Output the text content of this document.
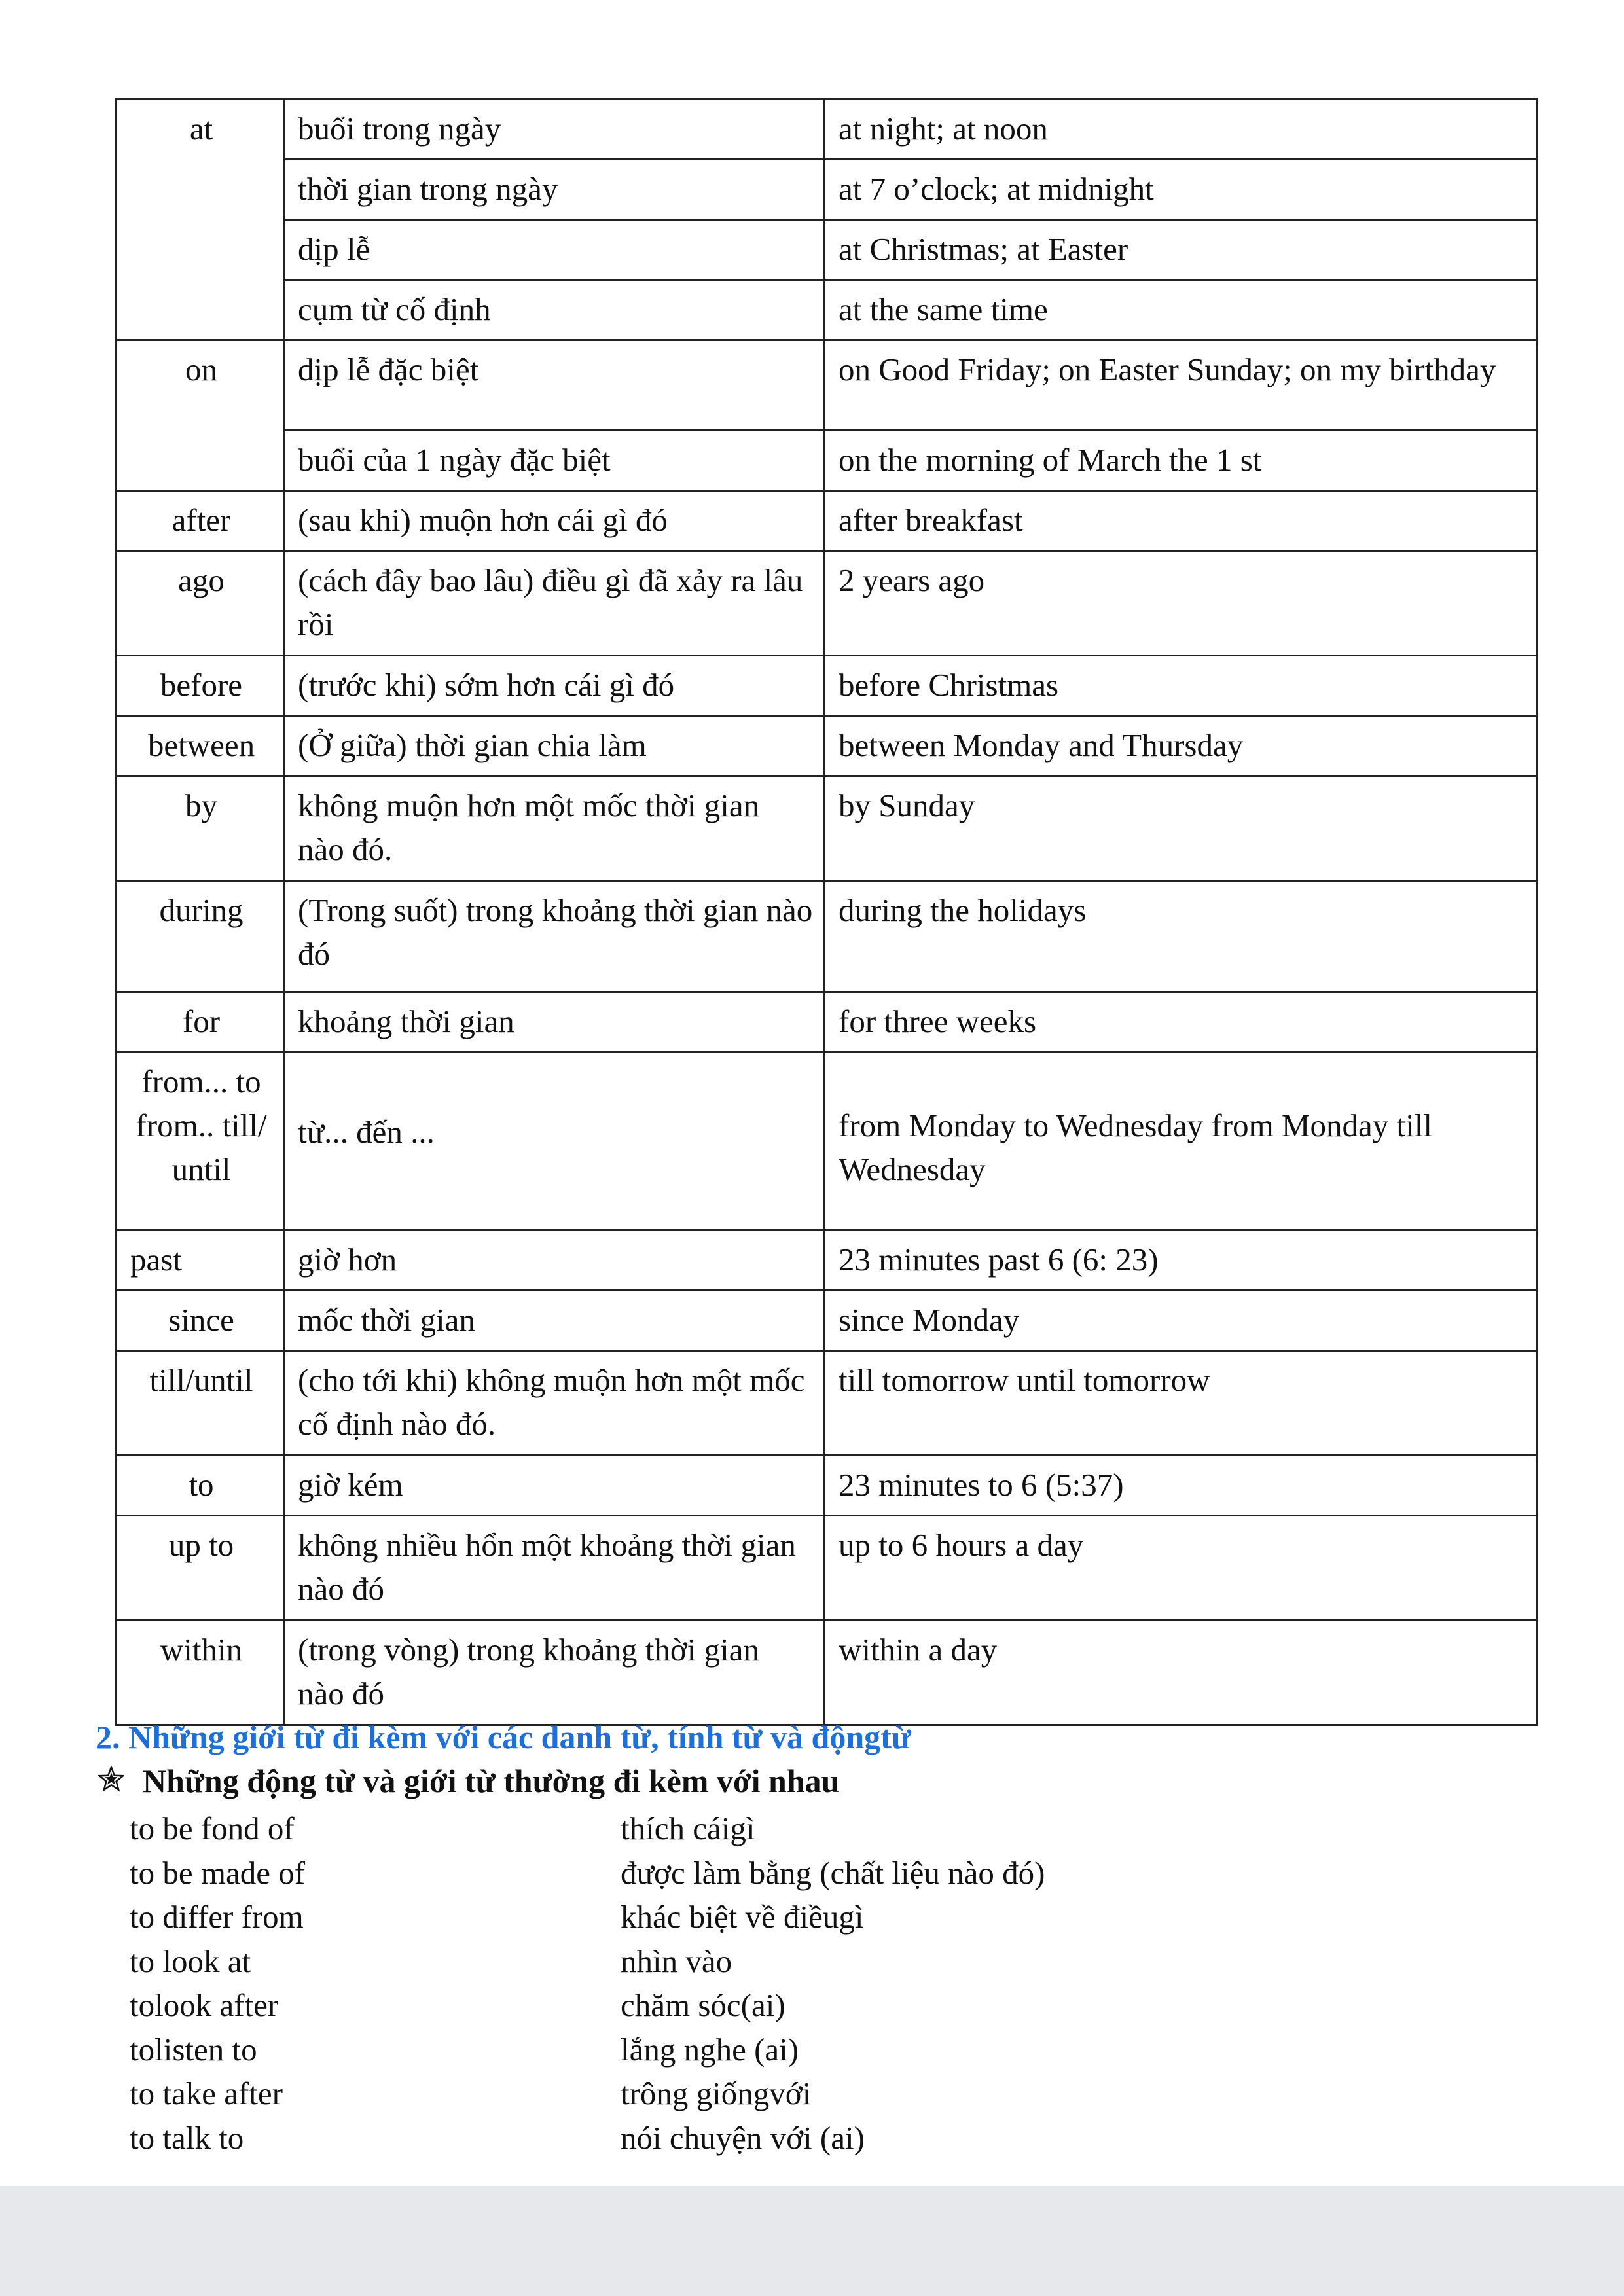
at	buổi trong ngày	at night; at noon
	thời gian trong ngày	at 7 o’clock; at midnight
	dịp lễ	at Christmas; at Easter
	cụm từ cố định	at the same time
on	dịp lễ đặc biệt	on Good Friday; on Easter Sunday; on my birthday
	buổi của 1 ngày đặc biệt	on the morning of March the 1 st
after	(sau khi) muộn hơn cái gì đó	after breakfast
ago	(cách đây bao lâu) điều gì đã xảy ra lâu rồi	2 years ago
before	(trước khi) sớm hơn cái gì đó	before Christmas
between	(Ở giữa) thời gian chia làm	between Monday and Thursday
by	không muộn hơn một mốc thời gian nào đó.	by Sunday
during	(Trong suốt) trong khoảng thời gian nào đó	during the holidays
for	khoảng thời gian	for three weeks
from... to from.. till/ until	từ... đến ...	from Monday to Wednesday from Monday till Wednesday

past	giờ hơn	23 minutes past 6 (6: 23)
since	mốc thời gian	since Monday
till/until	(cho tới khi) không muộn hơn một mốc cố định nào đó.	till tomorrow until tomorrow
to	giờ kém	23 minutes to 6 (5:37)
up to	không nhiều hổn một khoảng thời gian nào đó	up to 6 hours a day
within	(trong vòng) trong khoảng thời gian nào đó	within a day

2. Những giới từ đi kèm với các danh từ, tính từ và độngtừ

Những động từ và giới từ thường đi kèm với nhau

to be fond of	thích cáigì
to be made of	được làm bằng (chất liệu nào đó)
to differ from	khác biệt về điềugì
to look at	nhìn vào
tolook after	chăm sóc(ai)
tolisten to	lắng nghe (ai)
to take after	trông giốngvới
to talk to	nói chuyện với (ai)
